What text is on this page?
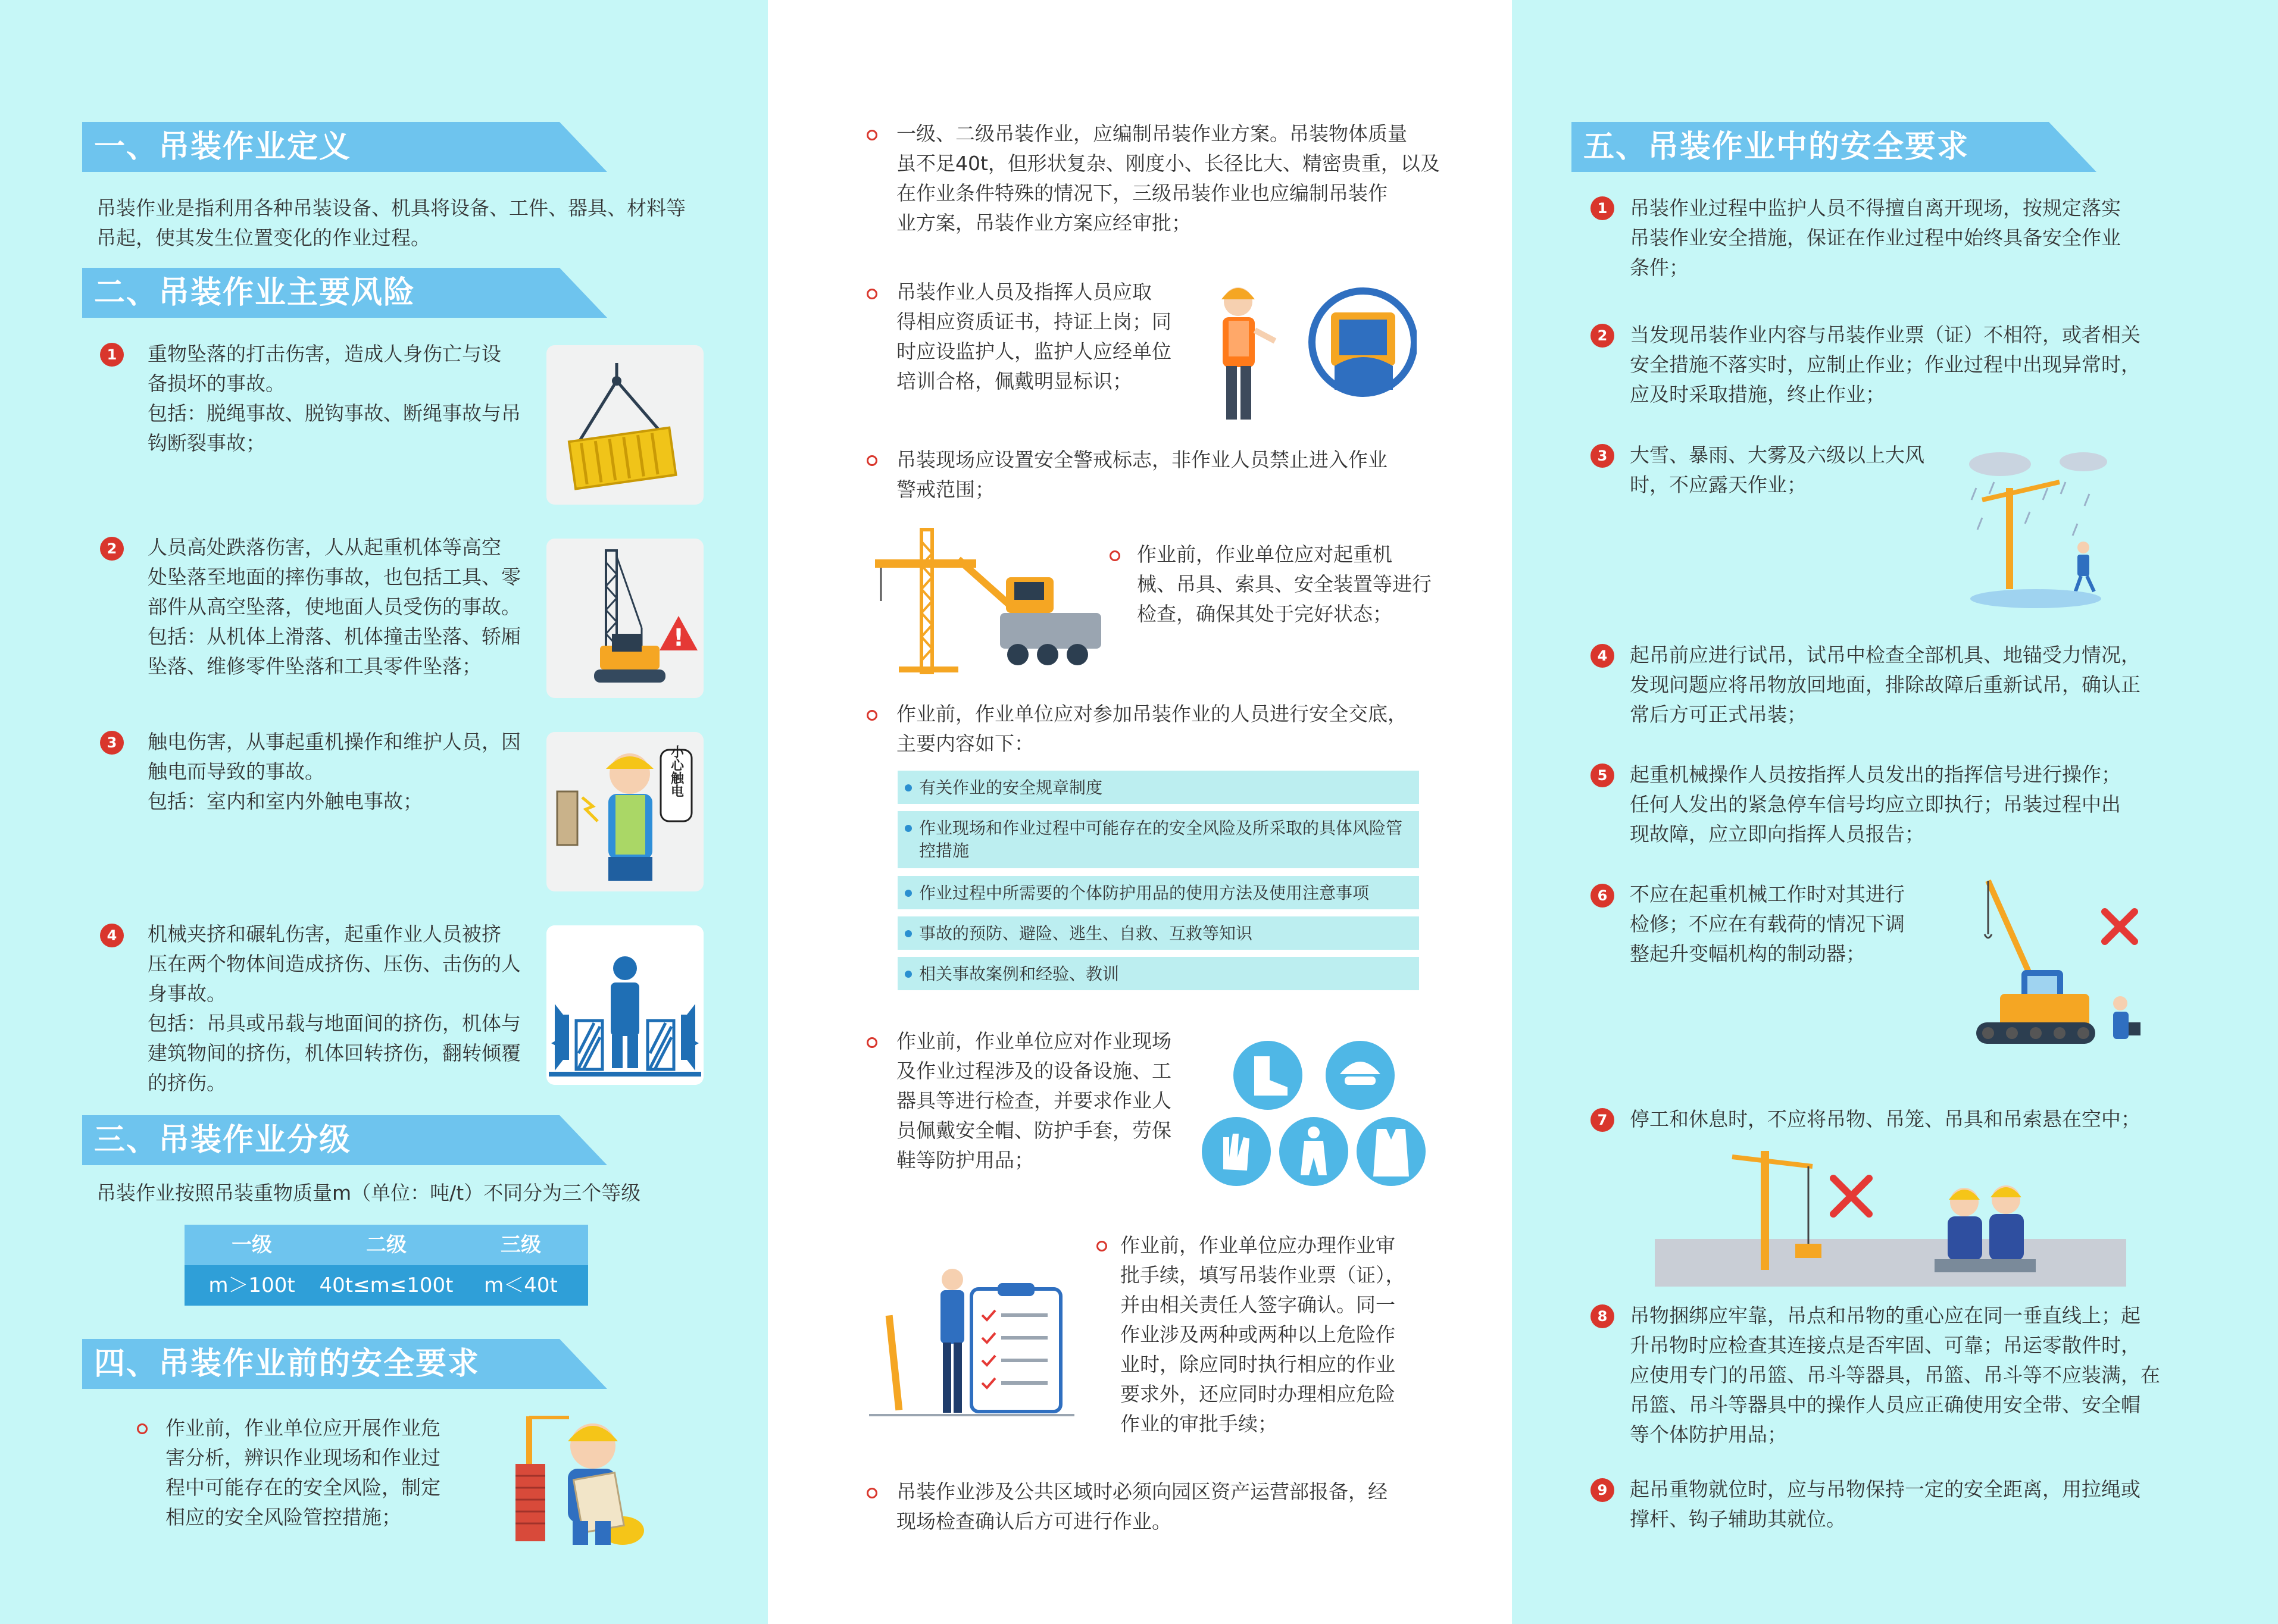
一、吊装作业定义

吊装作业是指利用各种吊装设备、机具将设备、工件、器具、材料等

吊起，使其发生位置变化的作业过程。

二、吊装作业主要风险
1	重物坠落的打击伤害，造成人身伤亡与设

备损坏的事故。

包括：脱绳事故、脱钩事故、断绳事故与吊

钩断裂事故；

2	人员高处跌落伤害，人从起重机体等高空

处坠落至地面的摔伤事故，也包括工具、零

部件从高空坠落，使地面人员受伤的事故。

包括：从机体上滑落、机体撞击坠落、轿厢

坠落、维修零件坠落和工具零件坠落；

!
3	触电伤害，从事起重机操作和维护人员，因

触电而导致的事故。

包括：室内和室内外触电事故；

小心触电
4	机械夹挤和碾轧伤害，起重作业人员被挤

压在两个物体间造成挤伤、压伤、击伤的人

身事故。

包括：吊具或吊载与地面间的挤伤，机体与

建筑物间的挤伤，机体回转挤伤，翻转倾覆

的挤伤。

三、吊装作业分级
吊装作业按照吊装重物质量m（单位：吨/t）不同分为三个等级
一级	二级	三级
m＞100t	40t≤m≤100t	m＜40t
四、吊装作业前的安全要求

作业前，作业单位应开展作业危

害分析，辨识作业现场和作业过

程中可能存在的安全风险，制定

相应的安全风险管控措施；

一级、二级吊装作业，应编制吊装作业方案。吊装物体质量

虽不足40t，但形状复杂、刚度小、长径比大、精密贵重，以及

在作业条件特殊的情况下，三级吊装作业也应编制吊装作

业方案，吊装作业方案应经审批；

吊装作业人员及指挥人员应取

得相应资质证书，持证上岗；同

时应设监护人，监护人应经单位

培训合格，佩戴明显标识；

吊装现场应设置安全警戒标志，非作业人员禁止进入作业

警戒范围；

作业前，作业单位应对起重机

械、吊具、索具、安全装置等进行

检查，确保其处于完好状态；

作业前，作业单位应对参加吊装作业的人员进行安全交底，

主要内容如下：

有关作业的安全规章制度
作业现场和作业过程中可能存在的安全风险及所采取的具体风险管控措施
作业过程中所需要的个体防护用品的使用方法及使用注意事项
事故的预防、避险、逃生、自救、互救等知识
相关事故案例和经验、教训

作业前，作业单位应对作业现场

及作业过程涉及的设备设施、工

器具等进行检查，并要求作业人

员佩戴安全帽、防护手套，劳保

鞋等防护用品；

作业前，作业单位应办理作业审

批手续，填写吊装作业票（证），

并由相关责任人签字确认。同一

作业涉及两种或两种以上危险作

业时，除应同时执行相应的作业

要求外，还应同时办理相应危险

作业的审批手续；

吊装作业涉及公共区域时必须向园区资产运营部报备，经

现场检查确认后方可进行作业。

五、吊装作业中的安全要求
1	吊装作业过程中监护人员不得擅自离开现场，按规定落实

吊装作业安全措施，保证在作业过程中始终具备安全作业

条件；

2	当发现吊装作业内容与吊装作业票（证）不相符，或者相关

安全措施不落实时，应制止作业；作业过程中出现异常时，

应及时采取措施，终止作业；

3	大雪、暴雨、大雾及六级以上大风

时，不应露天作业；

4	起吊前应进行试吊，试吊中检查全部机具、地锚受力情况，

发现问题应将吊物放回地面，排除故障后重新试吊，确认正

常后方可正式吊装；

5	起重机械操作人员按指挥人员发出的指挥信号进行操作；

任何人发出的紧急停车信号均应立即执行；吊装过程中出

现故障，应立即向指挥人员报告；

6	不应在起重机械工作时对其进行

检修；不应在有载荷的情况下调

整起升变幅机构的制动器；

7	停工和休息时，不应将吊物、吊笼、吊具和吊索悬在空中；

8	吊物捆绑应牢靠，吊点和吊物的重心应在同一垂直线上；起

升吊物时应检查其连接点是否牢固、可靠；吊运零散件时，

应使用专门的吊篮、吊斗等器具，吊篮、吊斗等不应装满，在

吊篮、吊斗等器具中的操作人员应正确使用安全带、安全帽

等个体防护用品；

9	起吊重物就位时，应与吊物保持一定的安全距离，用拉绳或

撑杆、钩子辅助其就位。
